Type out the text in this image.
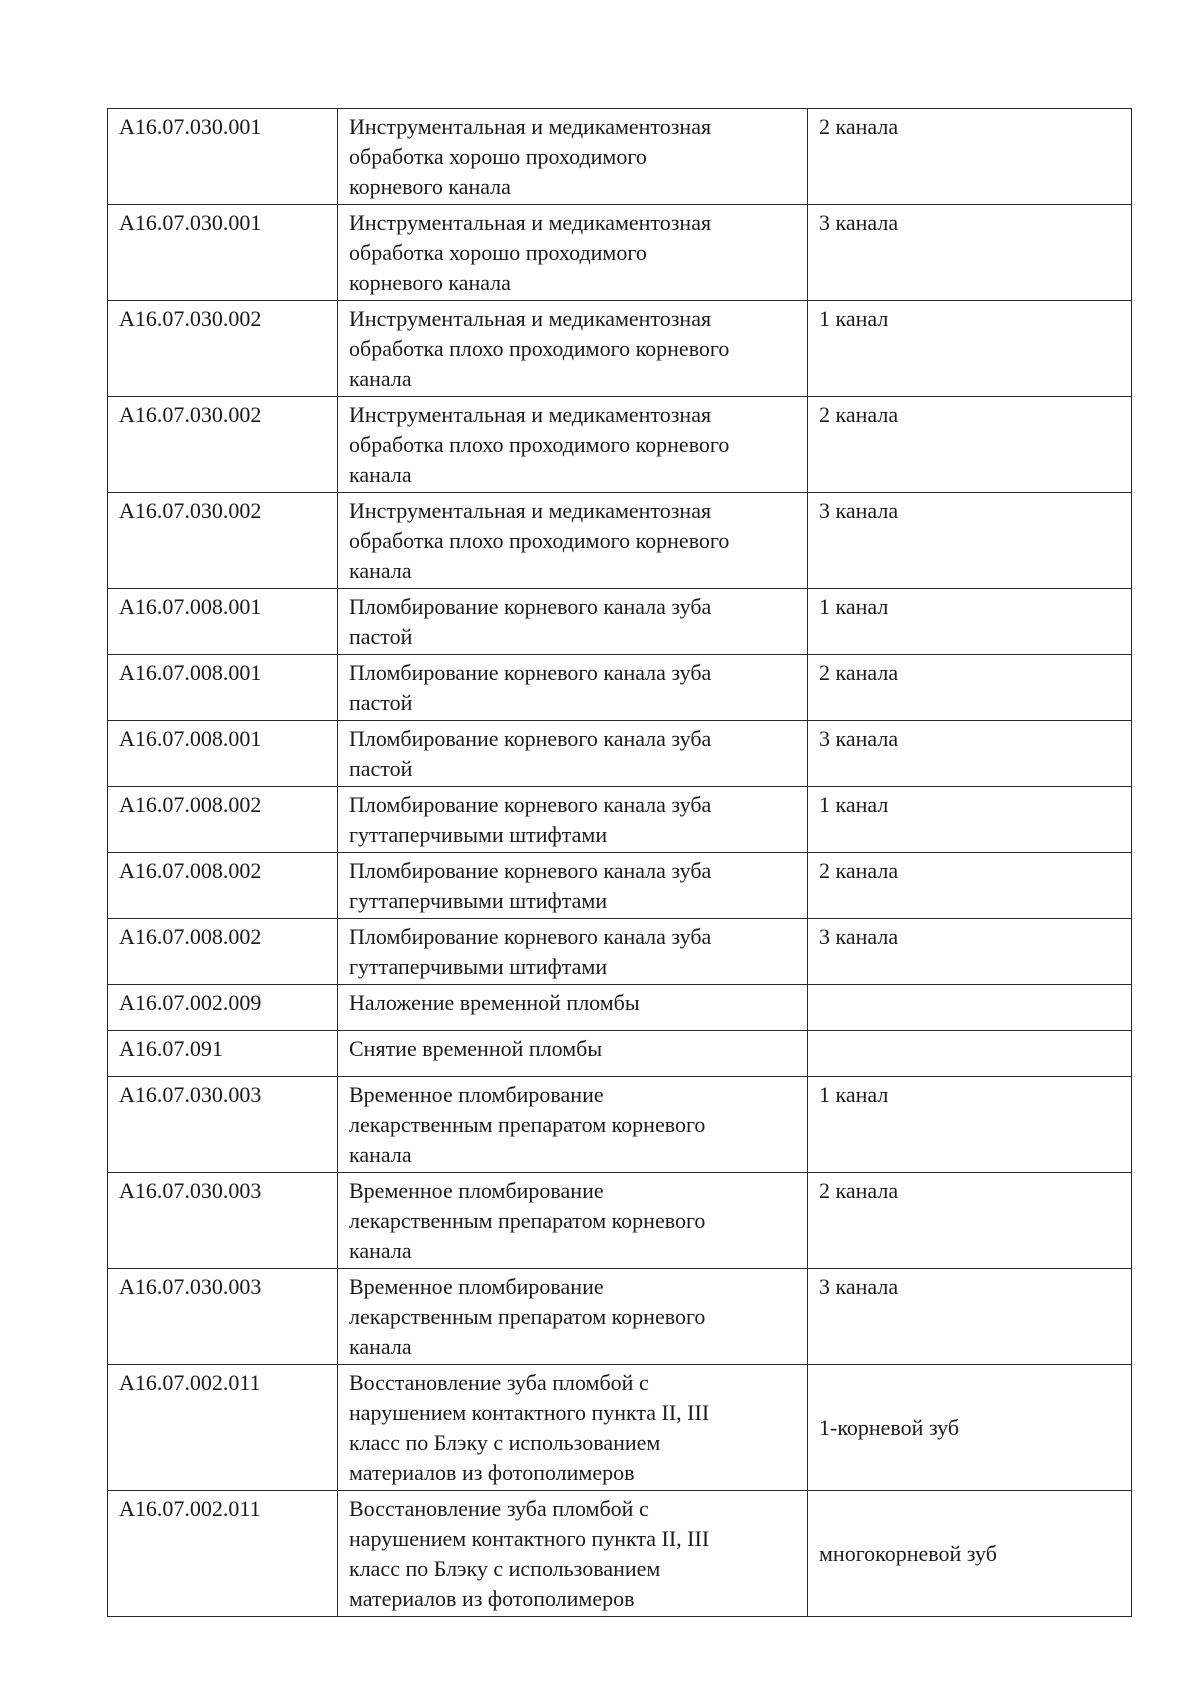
А16.07.030.001	Инструментальная и медикаментозная
обработка хорошо проходимого
корневого канала	2 канала
А16.07.030.001	Инструментальная и медикаментозная
обработка хорошо проходимого
корневого канала	3 канала
А16.07.030.002	Инструментальная и медикаментозная
обработка плохо проходимого корневого
канала	1 канал
А16.07.030.002	Инструментальная и медикаментозная
обработка плохо проходимого корневого
канала	2 канала
А16.07.030.002	Инструментальная и медикаментозная
обработка плохо проходимого корневого
канала	3 канала
А16.07.008.001	Пломбирование корневого канала зуба
пастой	1 канал
А16.07.008.001	Пломбирование корневого канала зуба
пастой	2 канала
А16.07.008.001	Пломбирование корневого канала зуба
пастой	3 канала
А16.07.008.002	Пломбирование корневого канала зуба
гуттаперчивыми штифтами	1 канал
А16.07.008.002	Пломбирование корневого канала зуба
гуттаперчивыми штифтами	2 канала
А16.07.008.002	Пломбирование корневого канала зуба
гуттаперчивыми штифтами	3 канала
А16.07.002.009	Наложение временной пломбы	

А16.07.091	Снятие временной пломбы	

А16.07.030.003	Временное пломбирование
лекарственным препаратом корневого
канала	1 канал
А16.07.030.003	Временное пломбирование
лекарственным препаратом корневого
канала	2 канала
А16.07.030.003	Временное пломбирование
лекарственным препаратом корневого
канала	3 канала
А16.07.002.011	Восстановление зуба пломбой с
нарушением контактного пункта II, III
класс по Блэку с использованием
материалов из фотополимеров	1-корневой зуб
А16.07.002.011	Восстановление зуба пломбой с
нарушением контактного пункта II, III
класс по Блэку с использованием
материалов из фотополимеров	многокорневой зуб
